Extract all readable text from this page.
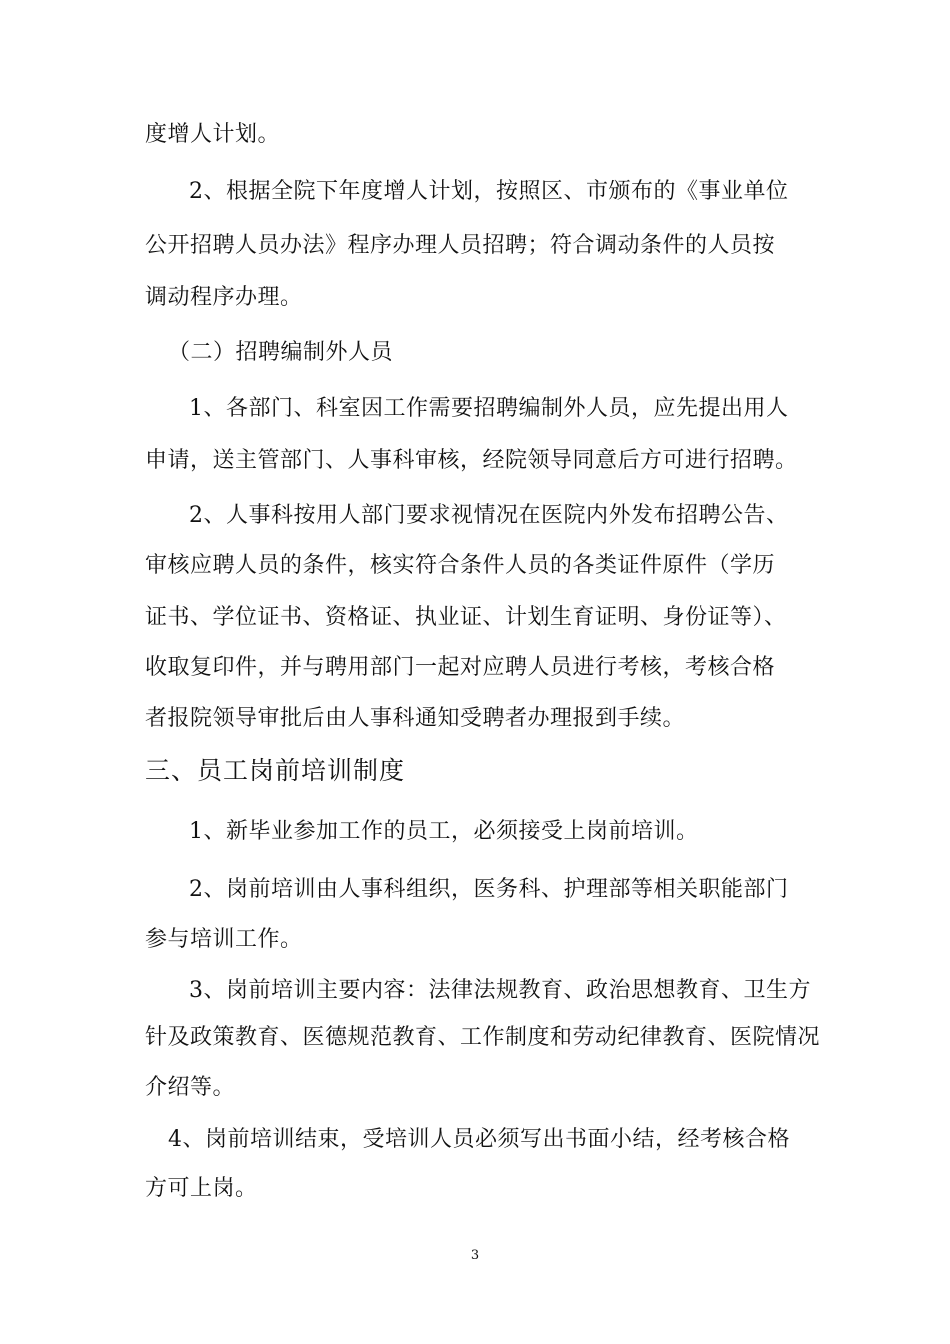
度增人计划。
2、根据全院下年度增人计划，按照区、市颁布的《事业单位
公开招聘人员办法》程序办理人员招聘；符合调动条件的人员按
调动程序办理。
（二）招聘编制外人员
1、各部门、科室因工作需要招聘编制外人员，应先提出用人
申请，送主管部门、人事科审核，经院领导同意后方可进行招聘。
2、人事科按用人部门要求视情况在医院内外发布招聘公告、
审核应聘人员的条件，核实符合条件人员的各类证件原件（学历
证书、学位证书、资格证、执业证、计划生育证明、身份证等）、
收取复印件，并与聘用部门一起对应聘人员进行考核，考核合格
者报院领导审批后由人事科通知受聘者办理报到手续。
三、员工岗前培训制度
1、新毕业参加工作的员工，必须接受上岗前培训。
2、岗前培训由人事科组织，医务科、护理部等相关职能部门
参与培训工作。
3、岗前培训主要内容：法律法规教育、政治思想教育、卫生方
针及政策教育、医德规范教育、工作制度和劳动纪律教育、医院情况
介绍等。
4、岗前培训结束，受培训人员必须写出书面小结，经考核合格
方可上岗。
3
